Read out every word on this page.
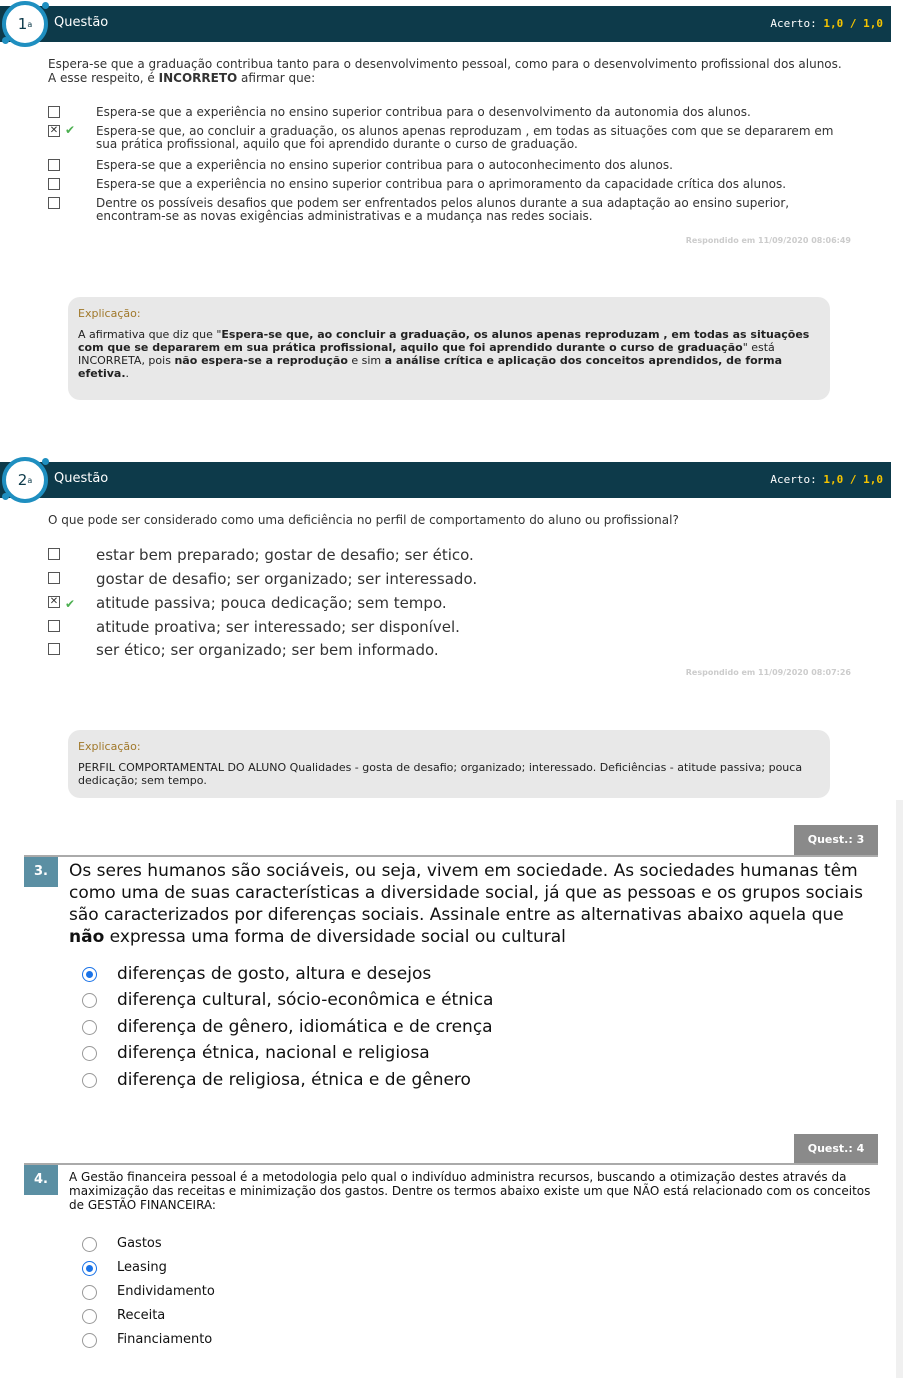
Questão	Acerto: 1,0 / 1,0
1 a
Espera-se que a graduação contribua tanto para o desenvolvimento pessoal, como para o desenvolvimento profissional dos alunos. A esse respeito, é INCORRETO afirmar que:
Espera-se que a experiência no ensino superior contribua para o desenvolvimento da autonomia dos alunos.
✕ ✔ Espera-se que, ao concluir a graduação, os alunos apenas reproduzam , em todas as situações com que se depararem em sua prática profissional, aquilo que foi aprendido durante o curso de graduação.
Espera-se que a experiência no ensino superior contribua para o autoconhecimento dos alunos.
Espera-se que a experiência no ensino superior contribua para o aprimoramento da capacidade crítica dos alunos.
Dentre os possíveis desafios que podem ser enfrentados pelos alunos durante a sua adaptação ao ensino superior, encontram-se as novas exigências administrativas e a mudança nas redes sociais.
Respondido em 11/09/2020 08:06:49
Explicação:
A afirmativa que diz que "Espera-se que, ao concluir a graduação, os alunos apenas reproduzam , em todas as situações com que se depararem em sua prática profissional, aquilo que foi aprendido durante o curso de graduação" está INCORRETA, pois não espera-se a reprodução e sim a análise crítica e aplicação dos conceitos aprendidos, de forma efetiva..
Questão	Acerto: 1,0 / 1,0
2 a
O que pode ser considerado como uma deficiência no perfil de comportamento do aluno ou profissional?
estar bem preparado; gostar de desafio; ser ético.
gostar de desafio; ser organizado; ser interessado.
✕ ✔ atitude passiva; pouca dedicação; sem tempo.
atitude proativa; ser interessado; ser disponível.
ser ético; ser organizado; ser bem informado.
Respondido em 11/09/2020 08:07:26
Explicação:
PERFIL COMPORTAMENTAL DO ALUNO Qualidades - gosta de desafio; organizado; interessado. Deficiências - atitude passiva; pouca dedicação; sem tempo.
Quest.: 3
3.	Os seres humanos são sociáveis, ou seja, vivem em sociedade. As sociedades humanas têm como uma de suas características a diversidade social, já que as pessoas e os grupos sociais são caracterizados por diferenças sociais. Assinale entre as alternativas abaixo aquela que não expressa uma forma de diversidade social ou cultural
diferenças de gosto, altura e desejos
diferença cultural, sócio-econômica e étnica
diferença de gênero, idiomática e de crença
diferença étnica, nacional e religiosa
diferença de religiosa, étnica e de gênero
Quest.: 4
4.	A Gestão financeira pessoal é a metodologia pelo qual o indivíduo administra recursos, buscando a otimização destes através da maximização das receitas e minimização dos gastos. Dentre os termos abaixo existe um que NÃO está relacionado com os conceitos de GESTÃO FINANCEIRA:
Gastos
Leasing
Endividamento
Receita
Financiamento
